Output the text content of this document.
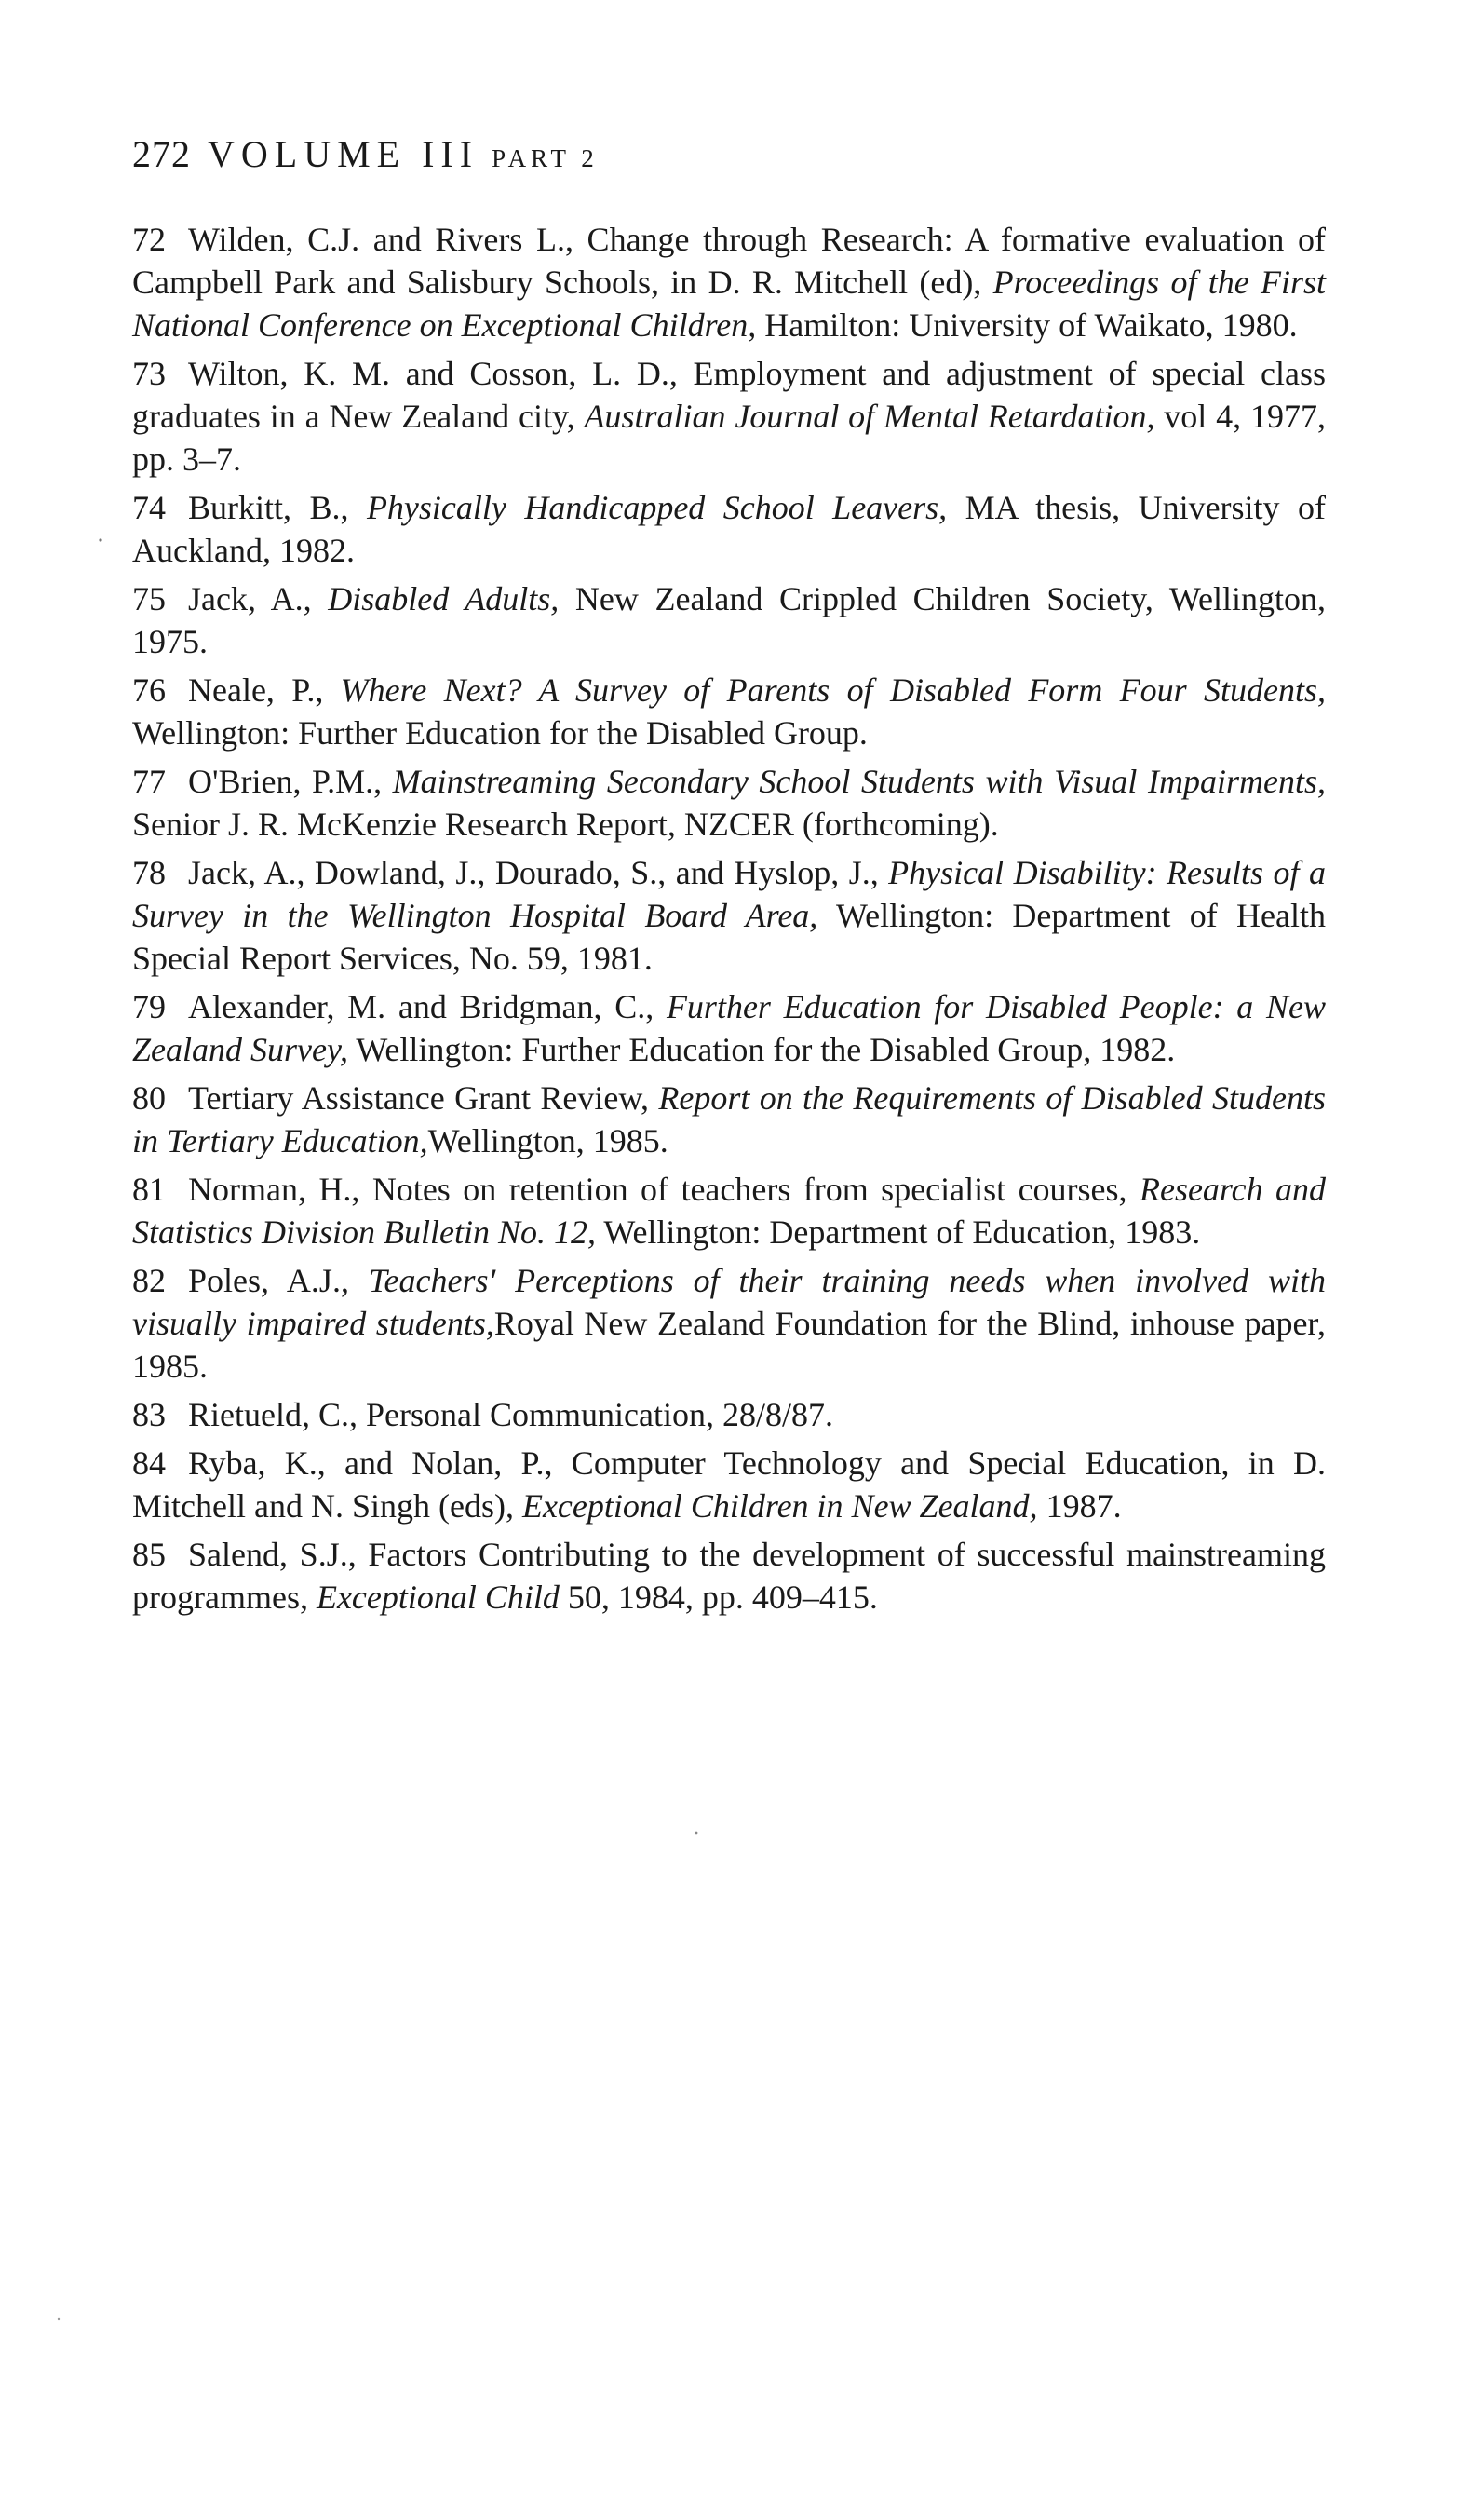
272 VOLUME III PART 2
72 Wilden, C.J. and Rivers L., Change through Research: A formative evaluation of Campbell Park and Salisbury Schools, in D. R. Mitchell (ed), Proceedings of the First National Conference on Exceptional Children, Hamilton: University of Waikato, 1980.
73 Wilton, K. M. and Cosson, L. D., Employment and adjustment of special class graduates in a New Zealand city, Australian Journal of Mental Retardation, vol 4, 1977, pp. 3–7.
74 Burkitt, B., Physically Handicapped School Leavers, MA thesis, University of Auckland, 1982.
75 Jack, A., Disabled Adults, New Zealand Crippled Children Society, Wellington, 1975.
76 Neale, P., Where Next? A Survey of Parents of Disabled Form Four Students, Wellington: Further Education for the Disabled Group.
77 O'Brien, P.M., Mainstreaming Secondary School Students with Visual Impairments, Senior J. R. McKenzie Research Report, NZCER (forthcoming).
78 Jack, A., Dowland, J., Dourado, S., and Hyslop, J., Physical Disability: Results of a Survey in the Wellington Hospital Board Area, Wellington: Department of Health Special Report Services, No. 59, 1981.
79 Alexander, M. and Bridgman, C., Further Education for Disabled People: a New Zealand Survey, Wellington: Further Education for the Disabled Group, 1982.
80 Tertiary Assistance Grant Review, Report on the Requirements of Disabled Students in Tertiary Education,Wellington, 1985.
81 Norman, H., Notes on retention of teachers from specialist courses, Research and Statistics Division Bulletin No. 12, Wellington: Department of Education, 1983.
82 Poles, A.J., Teachers' Perceptions of their training needs when involved with visually impaired students,Royal New Zealand Foundation for the Blind, inhouse paper, 1985.
83 Rietueld, C., Personal Communication, 28/8/87.
84 Ryba, K., and Nolan, P., Computer Technology and Special Education, in D. Mitchell and N. Singh (eds), Exceptional Children in New Zealand, 1987.
85 Salend, S.J., Factors Contributing to the development of successful mainstreaming programmes, Exceptional Child 50, 1984, pp. 409–415.
